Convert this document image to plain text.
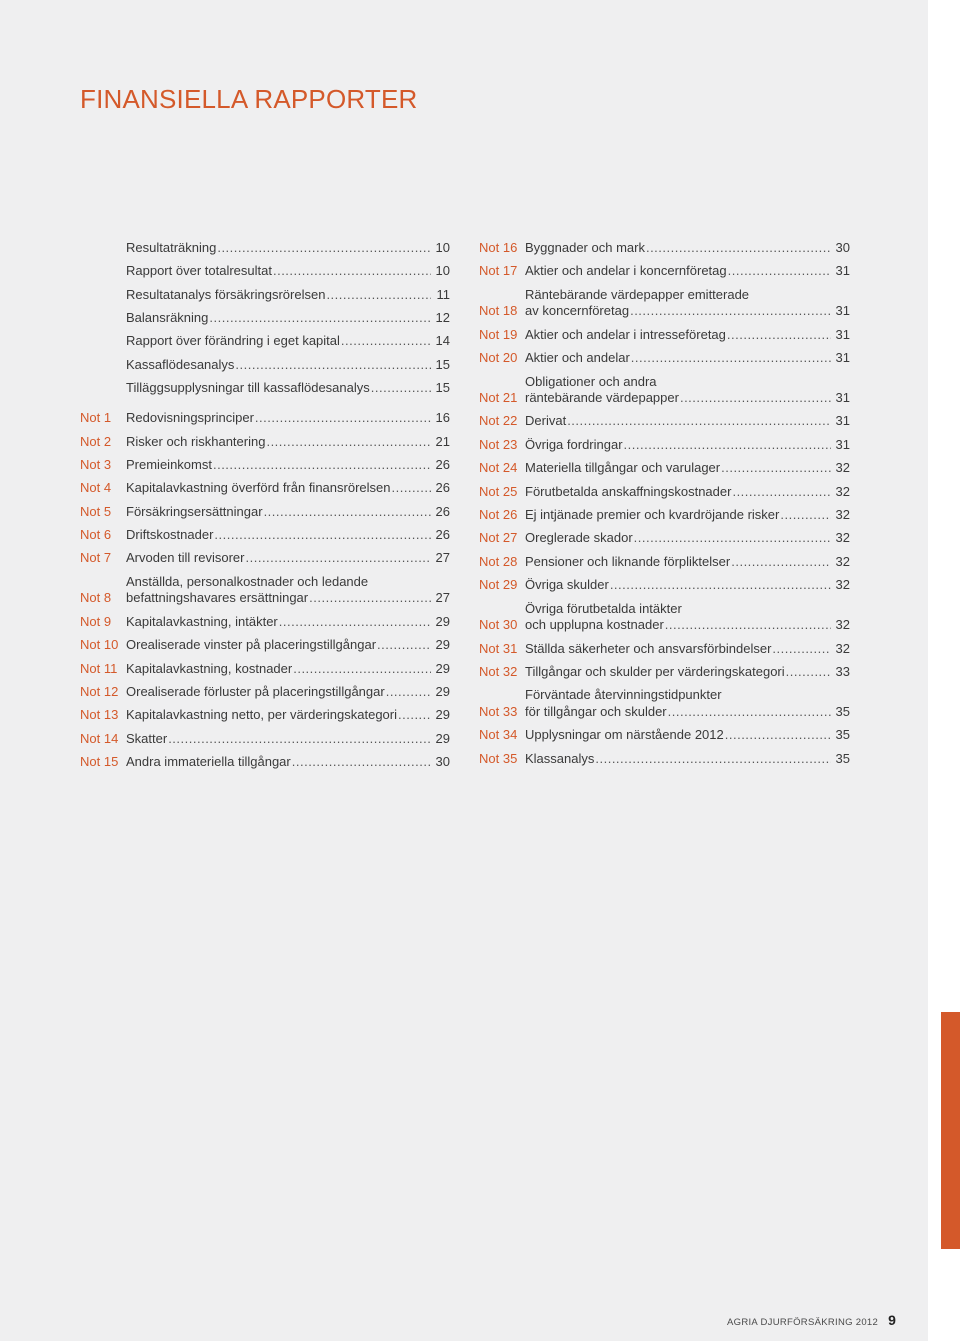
FINANSIELLA RAPPORTER
Resultaträkning .....	10
Rapport över totalresultat .....	10
Resultatanalys försäkringsrörelsen .....	11
Balansräkning .....	12
Rapport över förändring i eget kapital .....	14
Kassaflödesanalys .....	15
Tilläggsupplysningar till kassaflödesanalys .....	15
Not 1	Redovisningsprinciper .....	16
Not 2	Risker och riskhantering .....	21
Not 3	Premieinkomst .....	26
Not 4	Kapitalavkastning överförd från finansrörelsen .....	26
Not 5	Försäkringsersättningar .....	26
Not 6	Driftskostnader .....	26
Not 7	Arvoden till revisorer .....	27
Not 8
Anställda, personalkostnader och ledande
befattningshavares ersättningar .....	27
Not 9	Kapitalavkastning, intäkter .....	29
Not 10 Orealiserade vinster på placeringstillgångar .....	29
Not 11 Kapitalavkastning, kostnader .....	29
Not 12 Orealiserade förluster på placeringstillgångar .....	29
Not 13 Kapitalavkastning netto, per värderingskategori .....	29
Not 14 Skatter .....	29
Not 15 Andra immateriella tillgångar .....	30
Not 16 Byggnader och mark .....	30
Not 17 Aktier och andelar i koncernföretag .....	31
Not 18
Räntebärande värdepapper emitterade
av koncernföretag .....	31
Not 19 Aktier och andelar i intresseföretag .....	31
Not 20 Aktier och andelar .....	31
Not 21
Obligationer och andra
räntebärande värdepapper .....	31
Not 22 Derivat .....	31
Not 23 Övriga fordringar .....	31
Not 24 Materiella tillgångar och varulager .....	32
Not 25 Förutbetalda anskaffningskostnader .....	32
Not 26 Ej intjänade premier och kvardröjande risker .....	32
Not 27 Oreglerade skador .....	32
Not 28 Pensioner och liknande förpliktelser .....	32
Not 29 Övriga skulder .....	32
Not 30
Övriga förutbetalda intäkter
och upplupna kostnader .....	32
Not 31 Ställda säkerheter och ansvarsförbindelser .....	32
Not 32 Tillgångar och skulder per värderingskategori .....	33
Not 33
Förväntade återvinningstidpunkter
för tillgångar och skulder .....	35
Not 34 Upplysningar om närstående 2012 .....	35
Not 35 Klassanalys .....	35
AGRIA DJURFÖRSÄKRING 2012 9
